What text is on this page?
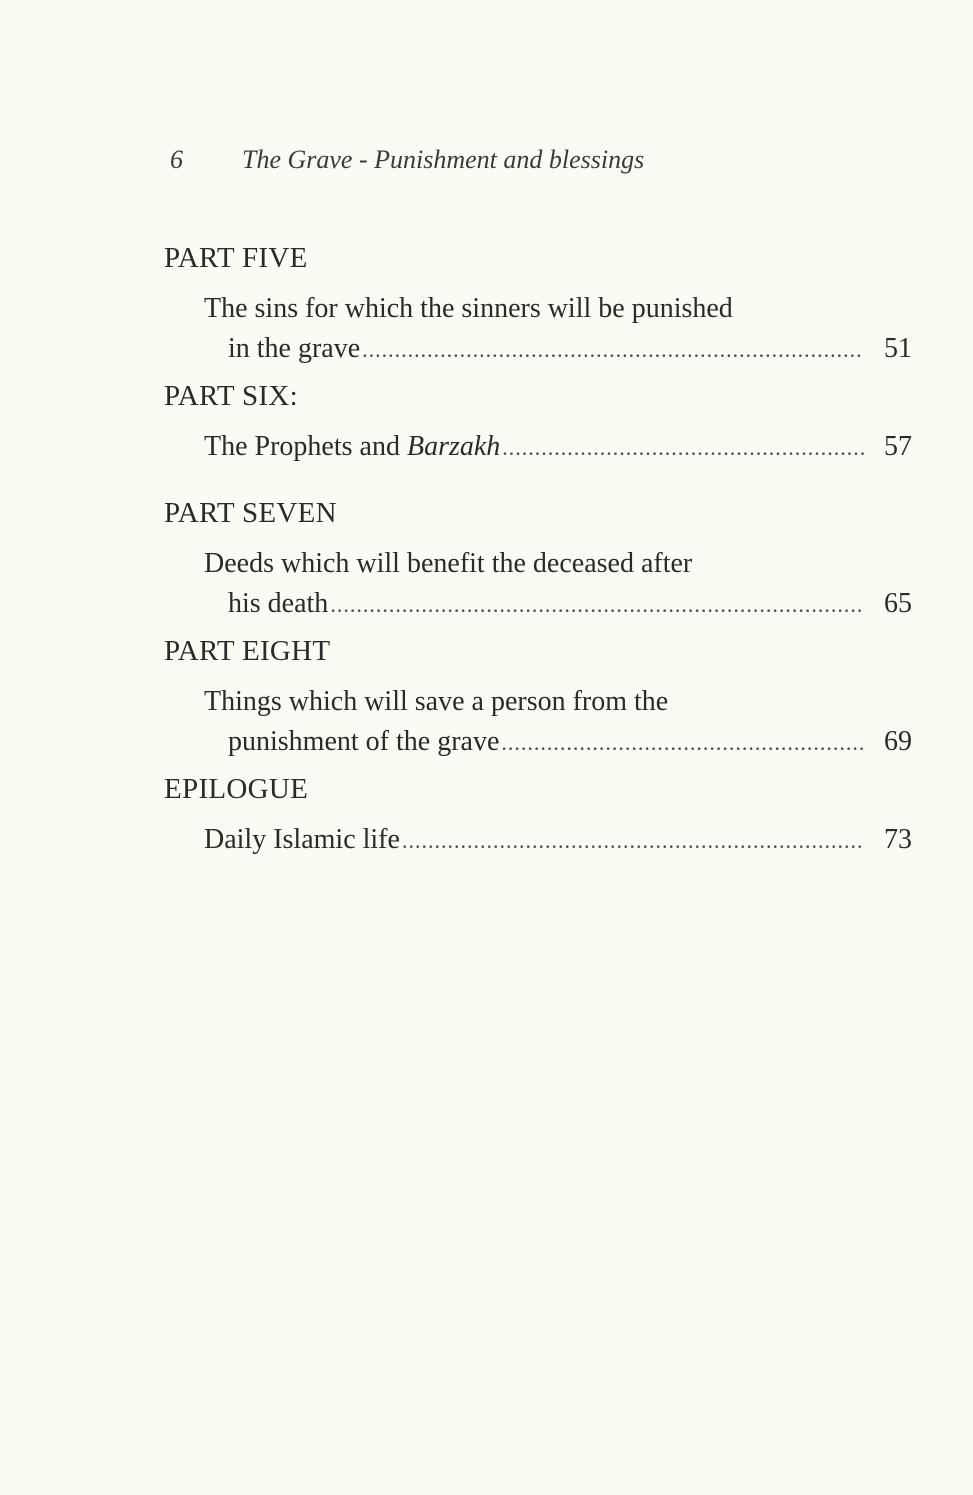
6 The Grave - Punishment and blessings
PART FIVE
The sins for which the sinners will be punished
in the grave .....	51
PART SIX:
The Prophets and Barzakh .....	57
PART SEVEN
Deeds which will benefit the deceased after
his death .....	65
PART EIGHT
Things which will save a person from the
punishment of the grave .....	69
EPILOGUE
Daily Islamic life .....	73
